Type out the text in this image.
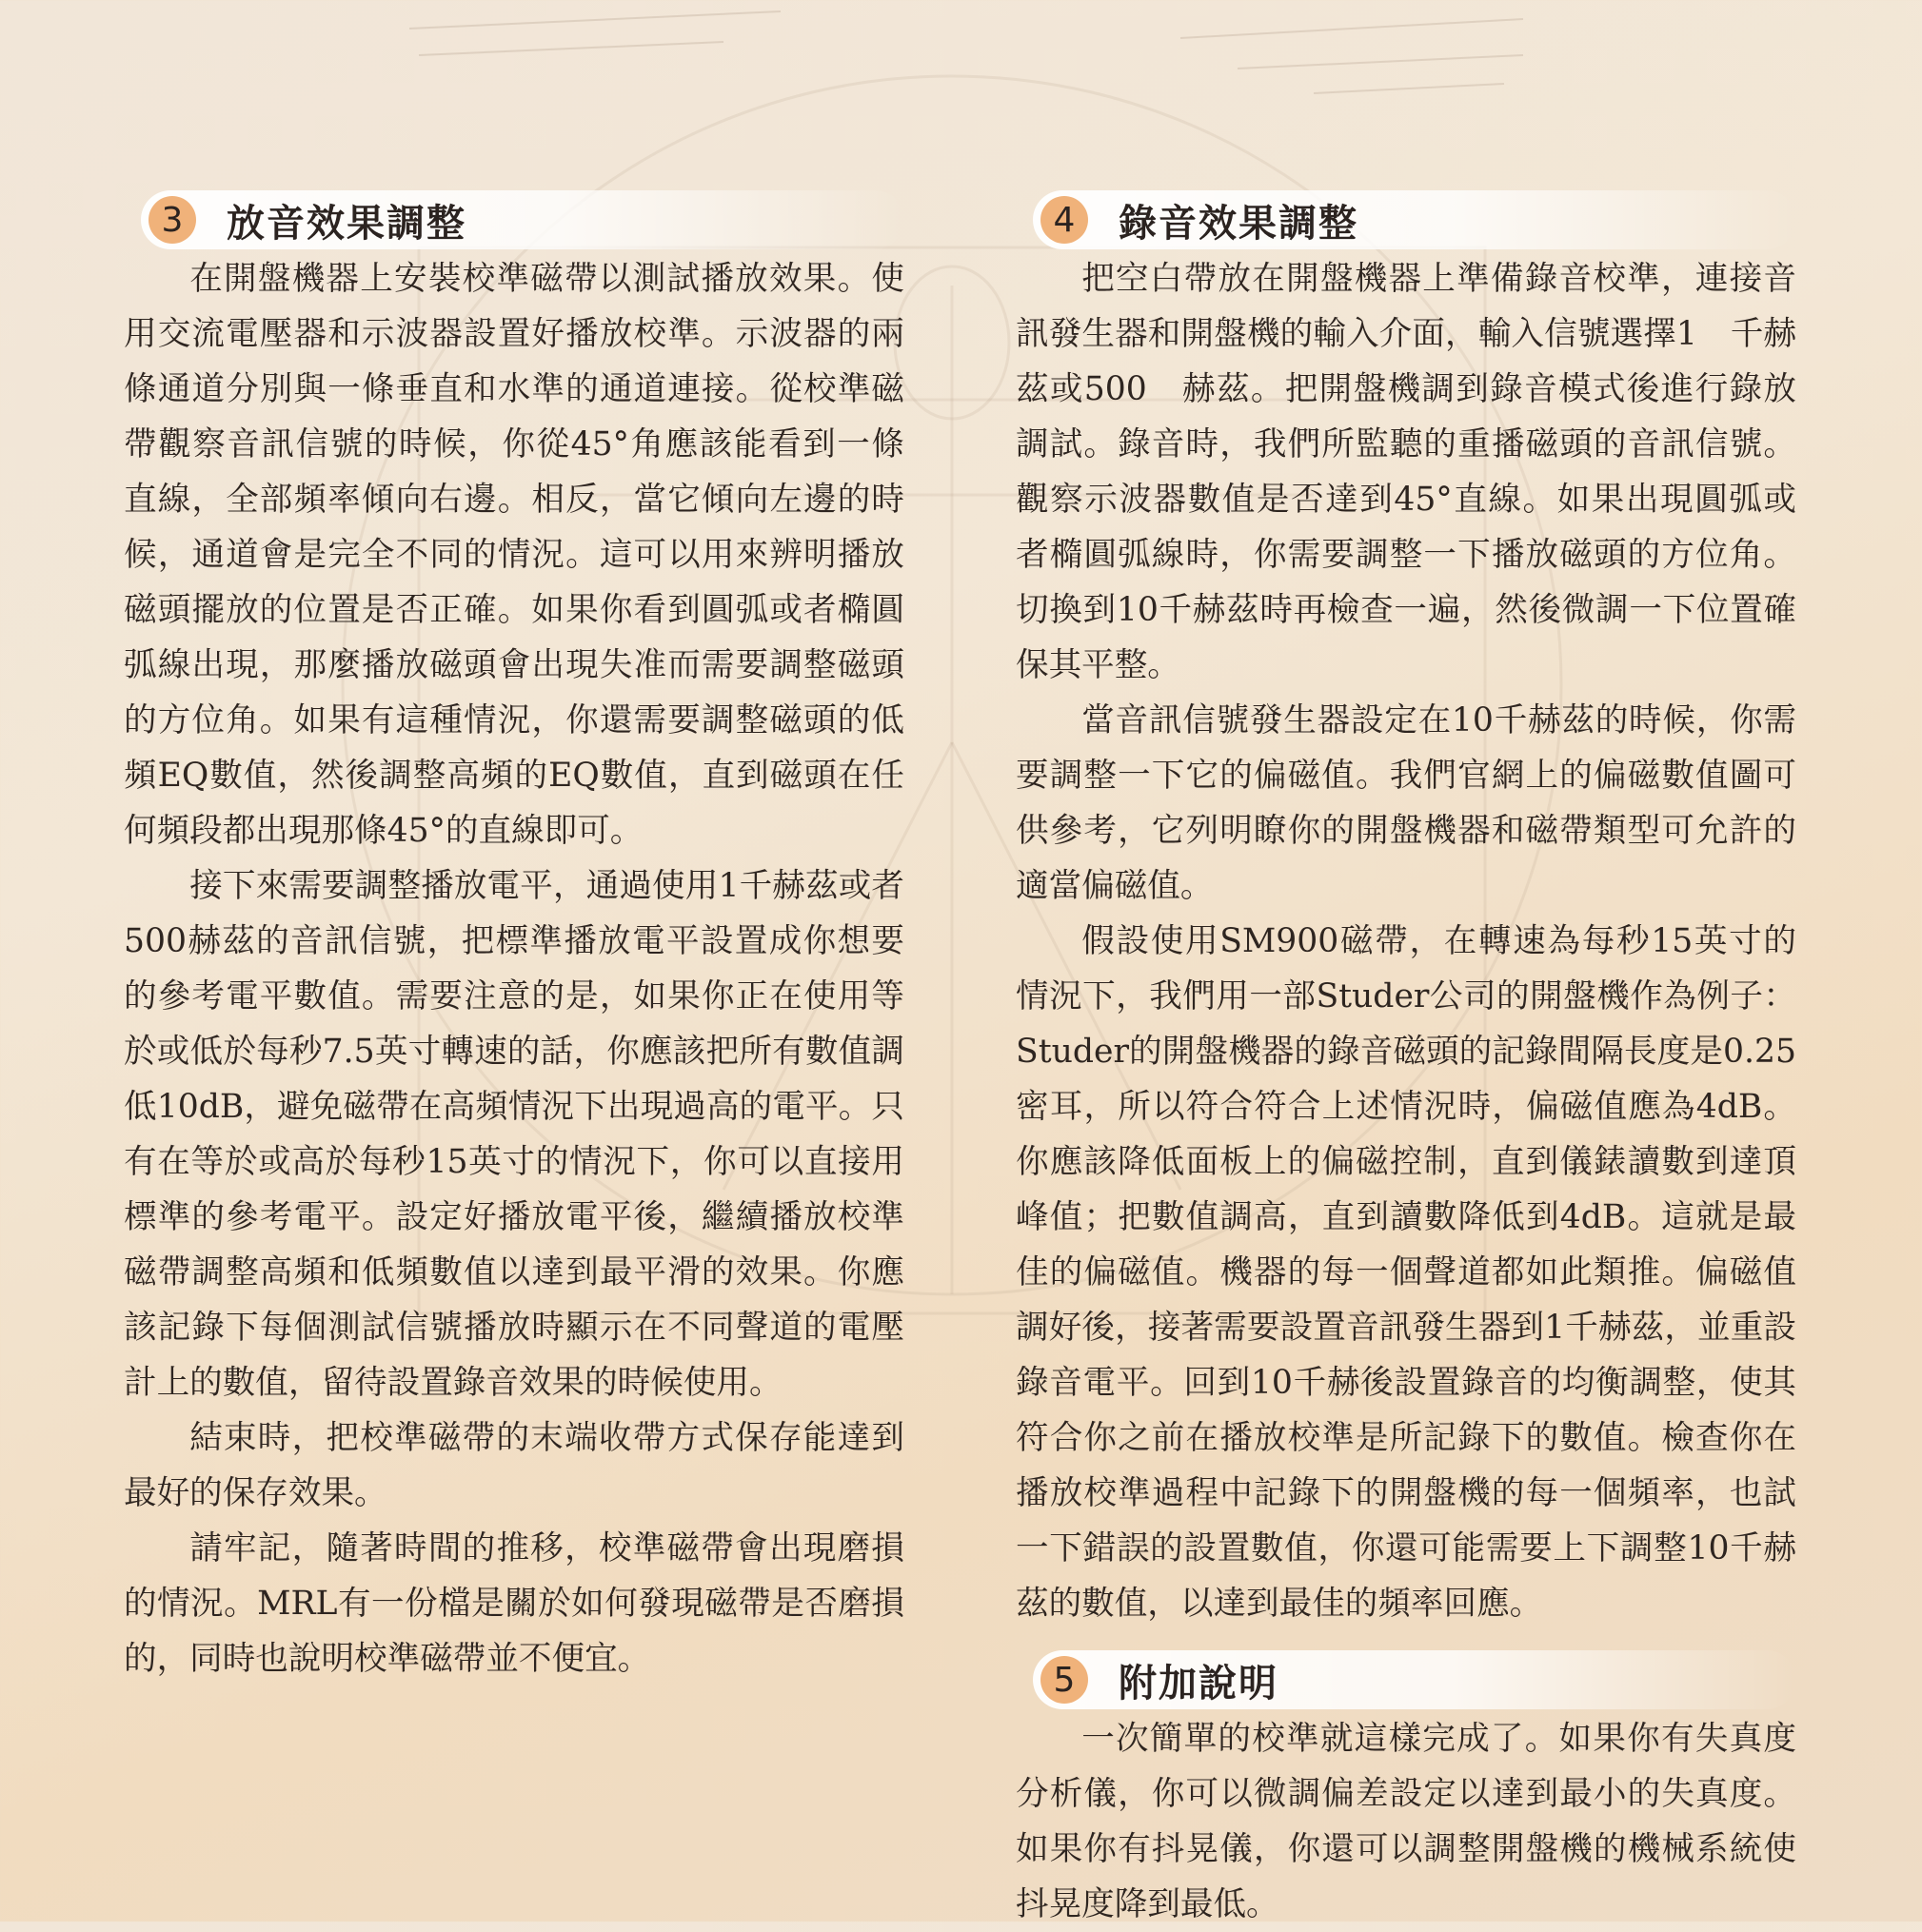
3	放音效果調整

在開盤機器上安裝校準磁帶以測試播放效果。使用交流電壓器和示波器設置好播放校準。示波器的兩條通道分別與一條垂直和水準的通道連接。從校準磁帶觀察音訊信號的時候，你從45°角應該能看到一條直線，全部頻率傾向右邊。相反，當它傾向左邊的時候，通道會是完全不同的情況。這可以用來辨明播放磁頭擺放的位置是否正確。如果你看到圓弧或者橢圓弧線出現，那麼播放磁頭會出現失准而需要調整磁頭的方位角。如果有這種情況，你還需要調整磁頭的低頻EQ數值，然後調整高頻的EQ數值，直到磁頭在任何頻段都出現那條45°的直線即可。

接下來需要調整播放電平，通過使用1千赫茲或者500赫茲的音訊信號，把標準播放電平設置成你想要的參考電平數值。需要注意的是，如果你正在使用等於或低於每秒7.5英寸轉速的話，你應該把所有數值調低10dB，避免磁帶在高頻情況下出現過高的電平。只有在等於或高於每秒15英寸的情況下，你可以直接用標準的參考電平。設定好播放電平後，繼續播放校準磁帶調整高頻和低頻數值以達到最平滑的效果。你應該記錄下每個測試信號播放時顯示在不同聲道的電壓計上的數值，留待設置錄音效果的時候使用。

結束時，把校準磁帶的末端收帶方式保存能達到最好的保存效果。

請牢記，隨著時間的推移，校準磁帶會出現磨損的情況。MRL有一份檔是關於如何發現磁帶是否磨損的，同時也說明校準磁帶並不便宜。

4	錄音效果調整

把空白帶放在開盤機器上準備錄音校準，連接音訊發生器和開盤機的輸入介面，輸入信號選擇1　千赫茲或500　赫茲。把開盤機調到錄音模式後進行錄放調試。錄音時，我們所監聽的重播磁頭的音訊信號。觀察示波器數值是否達到45°直線。如果出現圓弧或者橢圓弧線時，你需要調整一下播放磁頭的方位角。切換到10千赫茲時再檢查一遍，然後微調一下位置確保其平整。

當音訊信號發生器設定在10千赫茲的時候，你需要調整一下它的偏磁值。我們官網上的偏磁數值圖可供參考，它列明瞭你的開盤機器和磁帶類型可允許的適當偏磁值。

假設使用SM900磁帶，在轉速為每秒15英寸的情況下，我們用一部Studer公司的開盤機作為例子：Studer的開盤機器的錄音磁頭的記錄間隔長度是0.25密耳，所以符合符合上述情況時，偏磁值應為4dB。你應該降低面板上的偏磁控制，直到儀錶讀數到達頂峰值；把數值調高，直到讀數降低到4dB。這就是最佳的偏磁值。機器的每一個聲道都如此類推。偏磁值調好後，接著需要設置音訊發生器到1千赫茲，並重設錄音電平。回到10千赫後設置錄音的均衡調整，使其符合你之前在播放校準是所記錄下的數值。檢查你在播放校準過程中記錄下的開盤機的每一個頻率，也試一下錯誤的設置數值，你還可能需要上下調整10千赫茲的數值，以達到最佳的頻率回應。

5	附加說明

一次簡單的校準就這樣完成了。如果你有失真度分析儀，你可以微調偏差設定以達到最小的失真度。如果你有抖晃儀，你還可以調整開盤機的機械系統使抖晃度降到最低。
